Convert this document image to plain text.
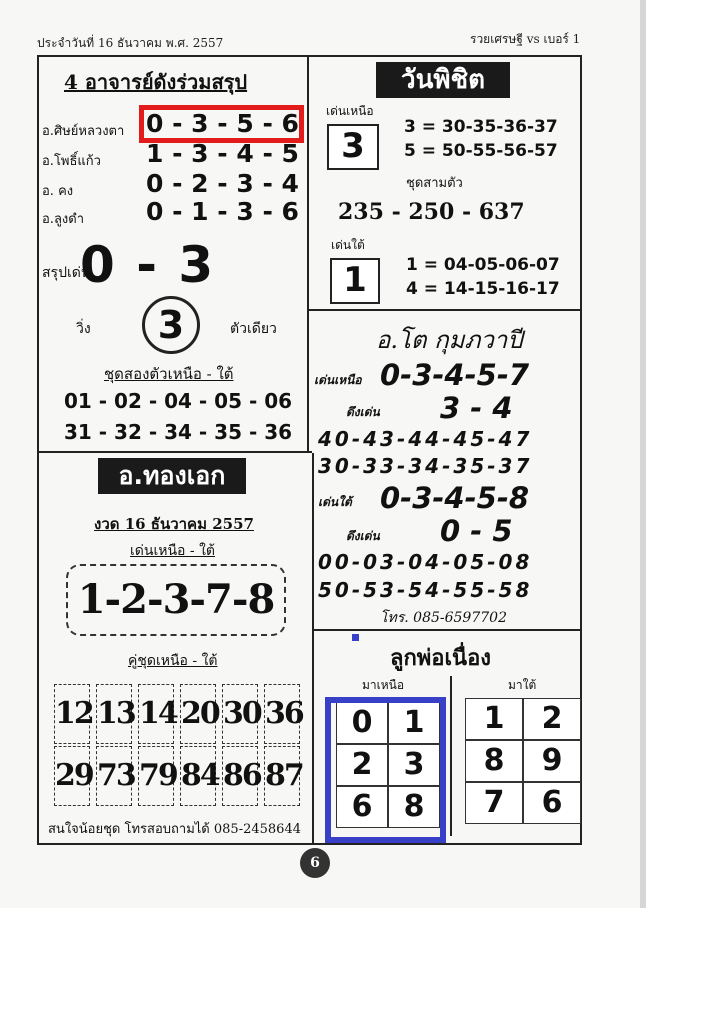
ประจำวันที่ 16 ธันวาคม พ.ศ. 2557	รวยเศรษฐี vs เบอร์ 1
4 อาจารย์ดังร่วมสรุป
อ.ศิษย์หลวงตา 0 - 3 - 5 - 6
อ.โพธิ์แก้ว 1 - 3 - 4 - 5
อ. คง	0 - 2 - 3 - 4
อ.ลูงดำ 0 - 1 - 3 - 6
สรุปเด่น
0 - 3
วิ่ง	3	ตัวเดียว
ชุดสองตัวเหนือ - ใต้
01 - 02 - 04 - 05 - 06
31 - 32 - 34 - 35 - 36
วันพิชิต
เด่นเหนือ
3	3 = 30-35-36-37
5 = 50-55-56-57
ชุดสามตัว
235 - 250 - 637
เด่นใต้
1	1 = 04-05-06-07
4 = 14-15-16-17
อ.โต กุมภวาปี
เด่นเหนือ 0-3-4-5-7
ดึงเด่น 3 - 4
40-43-44-45-47
30-33-34-35-37
เด่นใต้ 0-3-4-5-8
ดึงเด่น 0 - 5
00-03-04-05-08
50-53-54-55-58
โทร. 085-6597702
อ.ทองเอก
งวด 16 ธันวาคม 2557
เด่นเหนือ - ใต้
1-2-3-7-8
คู่ชุดเหนือ - ใต้
12 13 14 20 30 36
29 73 79 84 86 87
สนใจน้อยชุด โทรสอบถามได้ 085-2458644
ลูกพ่อเนื่อง
มาเหนือ	มาใต้
0	1
2	3
6	8
1	2
8	9
7	6
6
